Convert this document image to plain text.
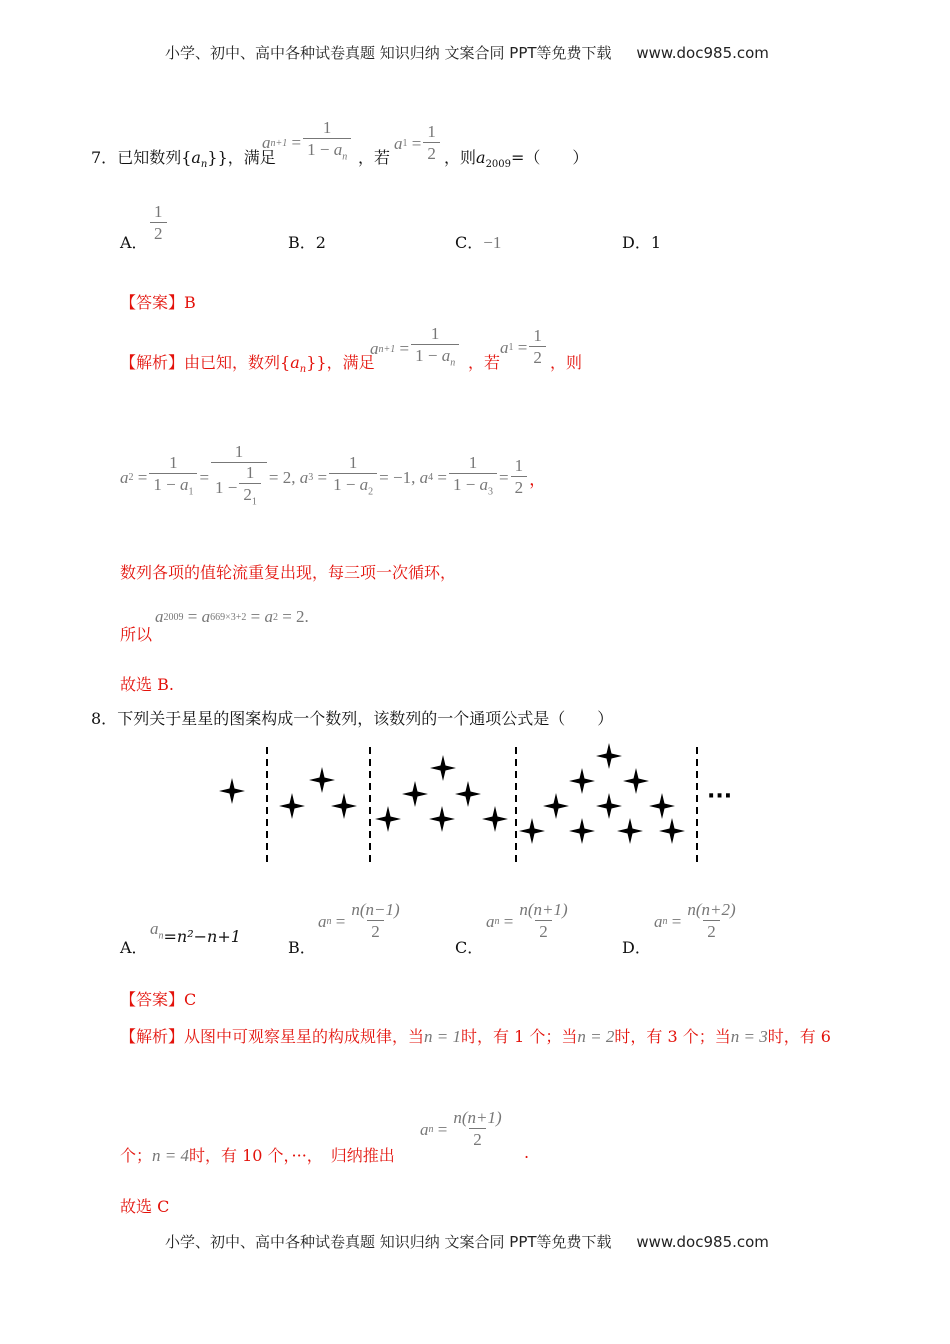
小学、初中、高中各种试卷真题 知识归纳 文案合同 PPT等免费下载 www.doc985.com
7．已知数列$\{a_n\}$}，满足
a n+1
= $\frac{1}{1 - a_n}$ ，若
a 1
= $\frac{1}{2}$ ，则$a_{2009}=$（　　）
A． $\frac{1}{2}$	B．2	C．−1	D．1
【答案】B
【解析】由已知，数列$\{a_n\}$}，满足
a n+1
= $\frac{1}{1 - a_n}$ ，若
a 1
= $\frac{1}{2}$ ，则
a 2
= $\frac{1}{1 - a_1} = \frac{1}{1 - \frac{1}{2_1}} = 2$,
a 3
= $\frac{1}{1 - a_2} = -1$,
a 4
= $\frac{1}{1 - a_3} = \frac{1}{2}$ ，
数列各项的值轮流重复出现，每三项一次循环，
所以
a 2009
=
a 669×3+2
=
a 2
= 2.
故选 B.
8．下列关于星星的图案构成一个数列，该数列的一个通项公式是（　　）
···
A．
$a_n =n^2-n+1$
B．
a n
= $\frac{n(n-1)}{2}$
C．
a n
= $\frac{n(n+1)}{2}$
D．
a n
= $\frac{n(n+2)}{2}$
【答案】C
【解析】从图中可观察星星的构成规律，当n = 1时，有 1 个；当n = 2时，有 3 个；当n = 3时，有 6
个；n = 4时，有 10 个，···，　归纳推出
a n
= $\frac{n(n+1)}{2}$
.
故选 C
小学、初中、高中各种试卷真题 知识归纳 文案合同 PPT等免费下载 www.doc985.com
